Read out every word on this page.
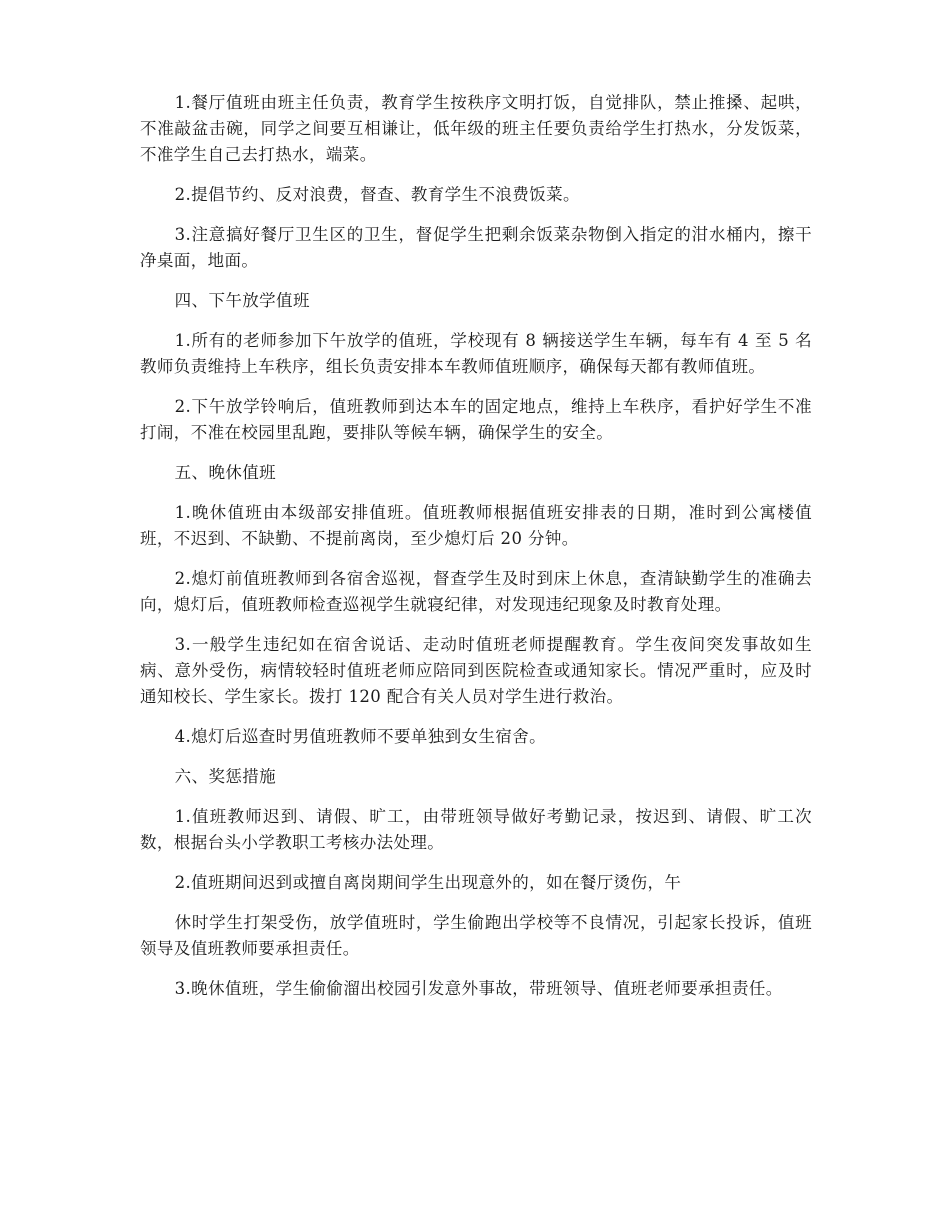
1.餐厅值班由班主任负责，教育学生按秩序文明打饭，自觉排队，禁止推搡、起哄，不准敲盆击碗，同学之间要互相谦让，低年级的班主任要负责给学生打热水，分发饭菜，不准学生自己去打热水，端菜。

2.提倡节约、反对浪费，督查、教育学生不浪费饭菜。

3.注意搞好餐厅卫生区的卫生，督促学生把剩余饭菜杂物倒入指定的泔水桶内，擦干净桌面，地面。

四、下午放学值班

1.所有的老师参加下午放学的值班，学校现有 8 辆接送学生车辆，每车有 4 至 5 名教师负责维持上车秩序，组长负责安排本车教师值班顺序，确保每天都有教师值班。

2.下午放学铃响后，值班教师到达本车的固定地点，维持上车秩序，看护好学生不准打闹，不准在校园里乱跑，要排队等候车辆，确保学生的安全。

五、晚休值班

1.晚休值班由本级部安排值班。值班教师根据值班安排表的日期，准时到公寓楼值班，不迟到、不缺勤、不提前离岗，至少熄灯后 20 分钟。

2.熄灯前值班教师到各宿舍巡视，督查学生及时到床上休息，查清缺勤学生的准确去向，熄灯后，值班教师检查巡视学生就寝纪律，对发现违纪现象及时教育处理。

3.一般学生违纪如在宿舍说话、走动时值班老师提醒教育。学生夜间突发事故如生病、意外受伤，病情较轻时值班老师应陪同到医院检查或通知家长。情况严重时，应及时通知校长、学生家长。拨打 120 配合有关人员对学生进行救治。

4.熄灯后巡查时男值班教师不要单独到女生宿舍。

六、奖惩措施

1.值班教师迟到、请假、旷工，由带班领导做好考勤记录，按迟到、请假、旷工次数，根据台头小学教职工考核办法处理。

2.值班期间迟到或擅自离岗期间学生出现意外的，如在餐厅烫伤，午

休时学生打架受伤，放学值班时，学生偷跑出学校等不良情况，引起家长投诉，值班领导及值班教师要承担责任。

3.晚休值班，学生偷偷溜出校园引发意外事故，带班领导、值班老师要承担责任。
